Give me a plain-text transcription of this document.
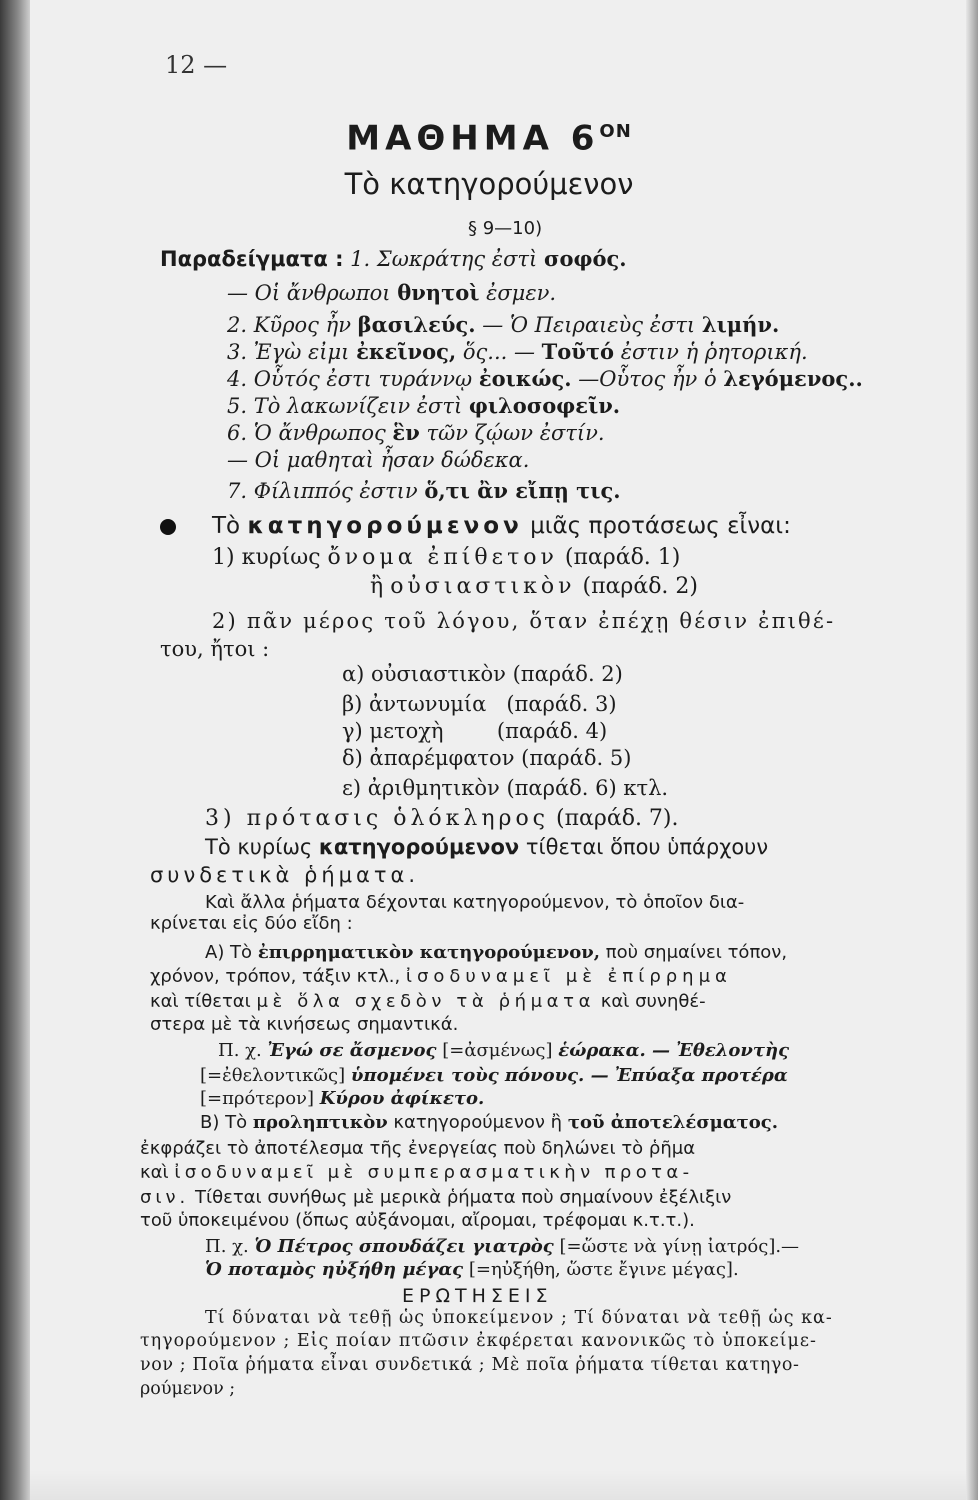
12 —
ΜΑΘΗΜΑ $6^{ON}$
Τὸ κατηγορούμενον
§ 9—10)
Παραδείγματα : 1. Σωκράτης ἐστὶ σοφός.
— Οἱ ἄνθρωποι θνητοὶ ἐσμεν.
2. Κῦρος ἦν βασιλεύς. — Ὁ Πειραιεὺς ἐστι λιμήν.
3. Ἐγὼ εἰμι ἐκεῖνος, ὅς... — Τοῦτό ἐστιν ἡ ῥητορική.
4. Οὗτός ἐστι τυράννῳ ἐοικώς. —Οὗτος ἦν ὁ λεγόμενος..
5. Τὸ λακωνίζειν ἐστὶ φιλοσοφεῖν.
6. Ὁ ἄνθρωπος ἓν τῶν ζῴων ἐστίν.
— Οἱ μαθηταὶ ἦσαν δώδεκα.
7. Φίλιππός ἐστιν ὅ,τι ἂν εἴπῃ τις.
Τὸ κατηγορούμενον μιᾶς προτάσεως εἶναι:
1) κυρίως ὄνομα ἐπίθετον (παράδ. 1)
ἢ οὐσιαστικὸν (παράδ. 2)
2) πᾶν μέρος τοῦ λόγου, ὅταν ἐπέχῃ θέσιν ἐπιθέ-
του, ἤτοι :
α) οὐσιαστικὸν (παράδ. 2)
β) ἀντωνυμία   (παράδ. 3)
γ) μετοχὴ        (παράδ. 4)
δ) ἀπαρέμφατον (παράδ. 5)
ε) ἀριθμητικὸν (παράδ. 6) κτλ.
3) πρότασις ὁλόκληρος (παράδ. 7).
Τὸ κυρίως κατηγορούμενον τίθεται ὅπου ὑπάρχουν
συνδετικὰ ῥήματα.
Καὶ ἄλλα ῥήματα δέχονται κατηγορούμενον, τὸ ὁποῖον δια-
κρίνεται εἰς δύο εἴδη :
Α) Τὸ ἐπιρρηματικὸν κατηγορούμενον, ποὺ σημαίνει τόπον,
χρόνον, τρόπον, τάξιν κτλ., ἰσοδυναμεῖ μὲ ἐπίρρημα
καὶ τίθεται μὲ ὅλα σχεδὸν τὰ ῥήματα καὶ συνηθέ-
στερα μὲ τὰ κινήσεως σημαντικά.
Π. χ. Ἐγώ σε ἄσμενος [=ἀσμένως] ἑώρακα. — Ἐθελοντὴς
[=ἐθελοντικῶς] ὑπομένει τοὺς πόνους. — Ἐπύαξα προτέρα
[=πρότερον] Κύρου ἀφίκετο.
Β) Τὸ προληπτικὸν κατηγορούμενον ἢ τοῦ ἀποτελέσματος.
ἐκφράζει τὸ ἀποτέλεσμα τῆς ἐνεργείας ποὺ δηλώνει τὸ ῥῆμα
καὶ ἰσοδυναμεῖ μὲ συμπερασματικὴν προτα-
σιν. Τίθεται συνήθως μὲ μερικὰ ῥήματα ποὺ σημαίνουν ἐξέλιξιν
τοῦ ὑποκειμένου (ὅπως αὐξάνομαι, αἴρομαι, τρέφομαι κ.τ.τ.).
Π. χ. Ὁ Πέτρος σπουδάζει γιατρὸς [=ὥστε νὰ γίνῃ ἰατρός].—
Ὁ ποταμὸς ηὐξήθη μέγας [=ηὐξήθη, ὥστε ἔγινε μέγας].
ΕΡΩΤΗΣΕΙΣ
Τί δύναται νὰ τεθῇ ὡς ὑποκείμενον ; Τί δύναται νὰ τεθῇ ὡς κα-
τηγορούμενον ; Εἰς ποίαν πτῶσιν ἐκφέρεται κανονικῶς τὸ ὑποκείμε-
νον ; Ποῖα ῥήματα εἶναι συνδετικά ; Μὲ ποῖα ῥήματα τίθεται κατηγο-
ρούμενον ;
